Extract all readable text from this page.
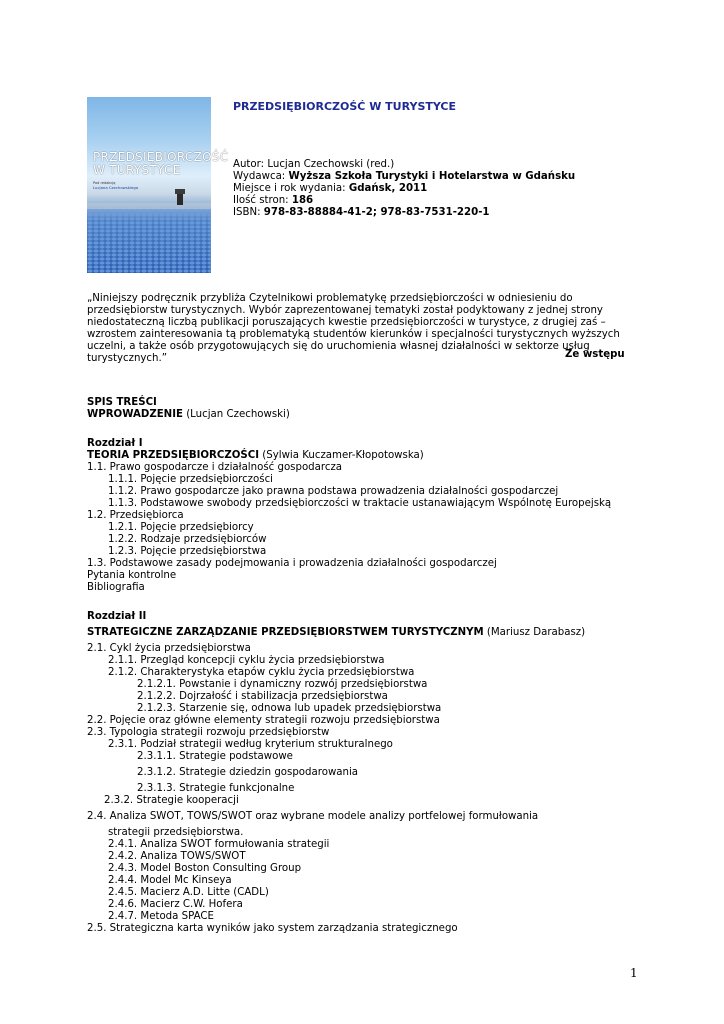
PRZEDSIĘBIORCZOŚĆ
W TURYSTYCE
Pod redakcją
Lucjana Czechowskiego
PRZEDSIĘBIORCZOŚĆ W TURYSTYCE
Autor: Lucjan Czechowski (red.)
Wydawca: Wyższa Szkoła Turystyki i Hotelarstwa w Gdańsku
Miejsce i rok wydania: Gdańsk, 2011
Ilość stron: 186
ISBN: 978-83-88884-41-2; 978-83-7531-220-1
„Niniejszy podręcznik przybliża Czytelnikowi problematykę przedsiębiorczości w odniesieniu do przedsiębiorstw turystycznych. Wybór zaprezentowanej tematyki został podyktowany z jednej strony niedostateczną liczbą publikacji poruszających kwestie przedsiębiorczości w turystyce, z drugiej zaś – wzrostem zainteresowania tą problematyką studentów kierunków i specjalności turystycznych wyższych uczelni, a także osób przygotowujących się do uruchomienia własnej działalności w sektorze usług turystycznych.”	Ze wstępu
SPIS TREŚCI
WPROWADZENIE (Lucjan Czechowski)
Rozdział I
TEORIA PRZEDSIĘBIORCZOŚCI (Sylwia Kuczamer-Kłopotowska)
1.1. Prawo gospodarcze i działalność gospodarcza
1.1.1. Pojęcie przedsiębiorczości
1.1.2. Prawo gospodarcze jako prawna podstawa prowadzenia działalności gospodarczej
1.1.3. Podstawowe swobody przedsiębiorczości w traktacie ustanawiającym Wspólnotę Europejską
1.2. Przedsiębiorca
1.2.1. Pojęcie przedsiębiorcy
1.2.2. Rodzaje przedsiębiorców
1.2.3. Pojęcie przedsiębiorstwa
1.3. Podstawowe zasady podejmowania i prowadzenia działalności gospodarczej
Pytania kontrolne
Bibliografia
Rozdział II
STRATEGICZNE ZARZĄDZANIE PRZEDSIĘBIORSTWEM TURYSTYCZNYM (Mariusz Darabasz)
2.1. Cykl życia przedsiębiorstwa
2.1.1. Przegląd koncepcji cyklu życia przedsiębiorstwa
2.1.2. Charakterystyka etapów cyklu życia przedsiębiorstwa
2.1.2.1. Powstanie i dynamiczny rozwój przedsiębiorstwa
2.1.2.2. Dojrzałość i stabilizacja przedsiębiorstwa
2.1.2.3. Starzenie się, odnowa lub upadek przedsiębiorstwa
2.2. Pojęcie oraz główne elementy strategii rozwoju przedsiębiorstwa
2.3. Typologia strategii rozwoju przedsiębiorstw
2.3.1. Podział strategii według kryterium strukturalnego
2.3.1.1. Strategie podstawowe
2.3.1.2. Strategie dziedzin gospodarowania
2.3.1.3. Strategie funkcjonalne
2.3.2. Strategie kooperacji
2.4. Analiza SWOT, TOWS/SWOT oraz wybrane modele analizy portfelowej formułowania
strategii przedsiębiorstwa.
2.4.1. Analiza SWOT formułowania strategii
2.4.2. Analiza TOWS/SWOT
2.4.3. Model Boston Consulting Group
2.4.4. Model Mc Kinseya
2.4.5. Macierz A.D. Litte (CADL)
2.4.6. Macierz C.W. Hofera
2.4.7. Metoda SPACE
2.5. Strategiczna karta wyników jako system zarządzania strategicznego
1
